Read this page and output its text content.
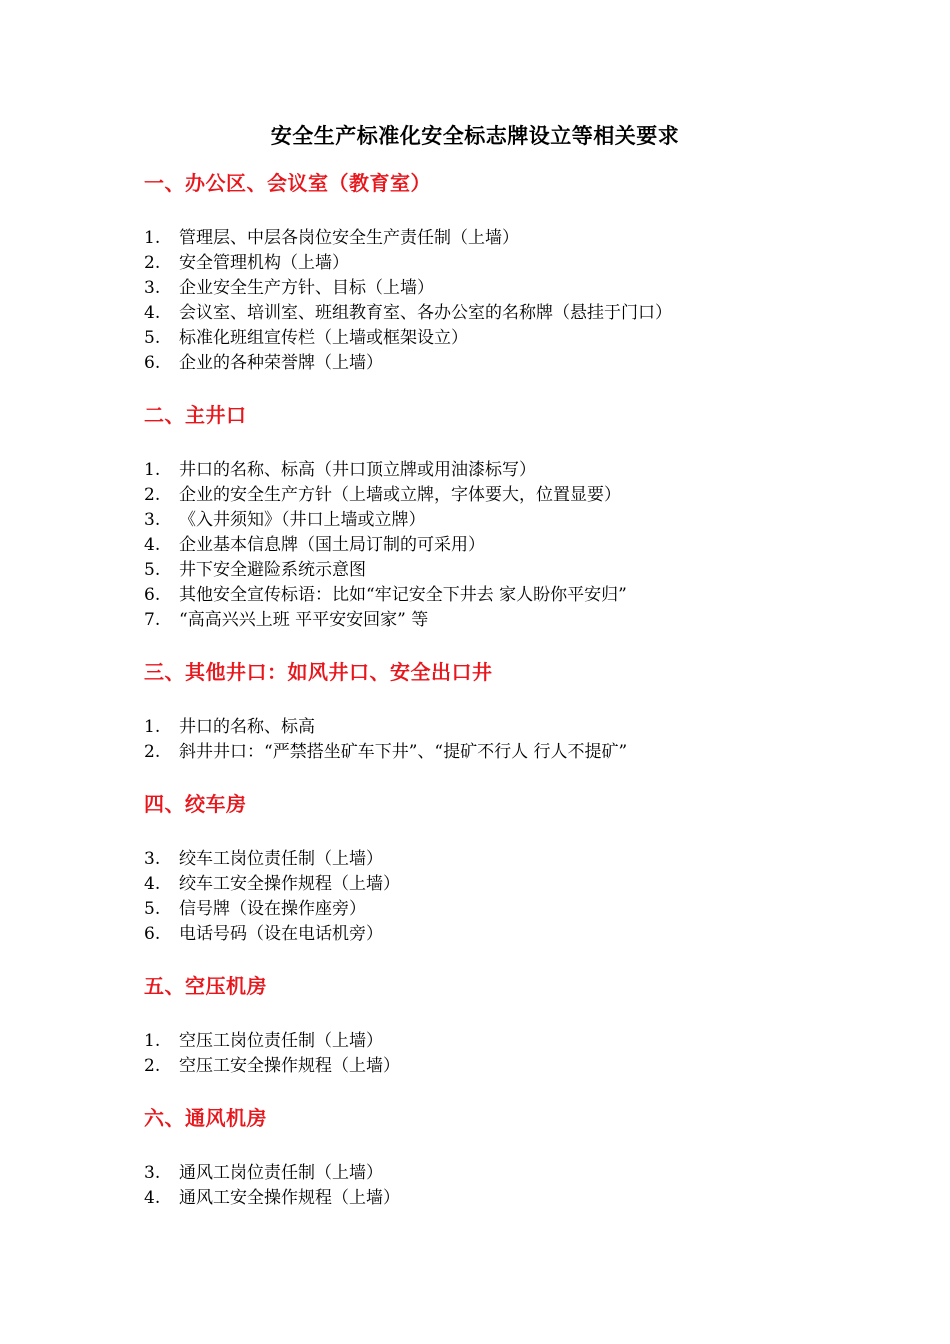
安全生产标准化安全标志牌设立等相关要求
一、办公区、会议室（教育室）
1.	管理层、中层各岗位安全生产责任制（上墙）
2.	安全管理机构（上墙）
3.	企业安全生产方针、目标（上墙）
4.	会议室、培训室、班组教育室、各办公室的名称牌（悬挂于门口）
5.	标准化班组宣传栏（上墙或框架设立）
6.	企业的各种荣誉牌（上墙）
二、主井口
1.	井口的名称、标高（井口顶立牌或用油漆标写）
2.	企业的安全生产方针（上墙或立牌，字体要大，位置显要）
3.	《入井须知》（井口上墙或立牌）
4.	企业基本信息牌（国土局订制的可采用）
5.	井下安全避险系统示意图
6.	其他安全宣传标语：比如“牢记安全下井去 家人盼你平安归”
7.	“高高兴兴上班 平平安安回家” 等
三、其他井口：如风井口、安全出口井
1.	井口的名称、标高
2.	斜井井口：“严禁搭坐矿车下井”、“提矿不行人 行人不提矿”
四、绞车房
3.	绞车工岗位责任制（上墙）
4.	绞车工安全操作规程（上墙）
5.	信号牌（设在操作座旁）
6.	电话号码（设在电话机旁）
五、空压机房
1.	空压工岗位责任制（上墙）
2.	空压工安全操作规程（上墙）
六、通风机房
3.	通风工岗位责任制（上墙）
4.	通风工安全操作规程（上墙）
